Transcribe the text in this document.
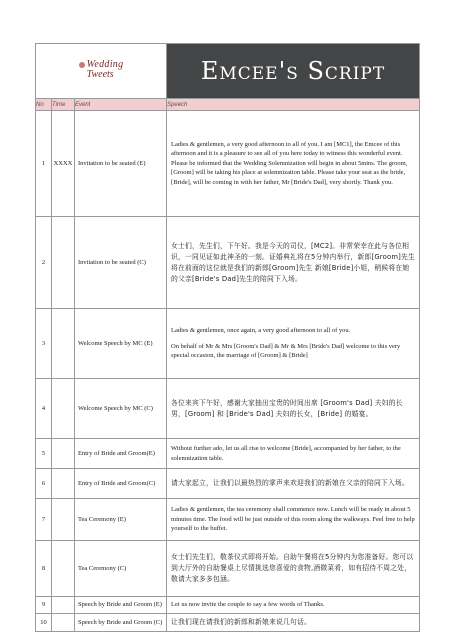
Wedding
Tweets			Emcee's Script
No	Time	Event	Speech
1	XXXX	Invitation to be seated (E)	Ladies & gentlemen, a very good afternoon to all of you. I am [MC1], the Emcee of this afternoon and it is a pleasure to see all of you here today to witness this wonderful event. Please be informed that the Wedding Solemnization will begin in about 5mins. The groom, [Groom] will be taking his place at solemnization table. Please take your seat as the bride, [Bride], will be coming in with her father, Mr [Bride's Dad], very shortly. Thank you.

2		Invitation to be seated (C)	女士们，先生们，下午好。我是今天的司仪，[MC2]。非常荣幸在此与各位相识，一同见证如此神圣的一刻。证婚典礼将在5分钟内举行，新郎[Groom]先生将在前面的这位就是我们的新郎[Groom]先生 新娘[Bride]小姐，稍候将在她的父亲[Bride's Dad]先生的陪同下入场。

3		Welcome Speech by MC (E)	Ladies & gentlemen, once again, a very good afternoon to all of you.

On behalf of Mr & Mrs [Groom's Dad] & Mr & Mrs [Bride's Dad] welcome to this very special occasion, the marriage of [Groom] & [Bride]

4		Welcome Speech by MC (C)	各位来宾下午好，感谢大家抽出宝贵的时间出席 [Groom's Dad] 夫妇的长男，[Groom] 和 [Bride's Dad] 夫妇的长女，[Bride] 的婚宴。

5		Entry of Bride and Groom(E)	Without further ado, let us all rise to welcome [Bride], accompanied by her father, to the solemnization table.

6		Entry of Bride and Groom(C)	请大家起立，让我们以最热烈的掌声来欢迎我们的新娘在父亲的陪同下入场。

7		Tea Ceremony (E)	Ladies & gentlemen, the tea ceremony shall commence now. Lunch will be ready in about 5 minutes time. The food will be just outside of this room along the walkways. Feel free to help yourself to the buffet.

8		Tea Ceremony (C)	女士们先生们，敬茶仪式即将开始。自助午餐将在5分钟内为您准备好。您可以到大厅外的自助餐桌上尽情挑选您喜爱的食物,酒微菜肴，如有招待不周之处，敬请大家多多包涵。

9		Speech by Bride and Groom (E)	Let us now invite the couple to say a few words of Thanks.

10		Speech by Bride and Groom (C)	让我们现在请我们的新郎和新娘来说几句话。
